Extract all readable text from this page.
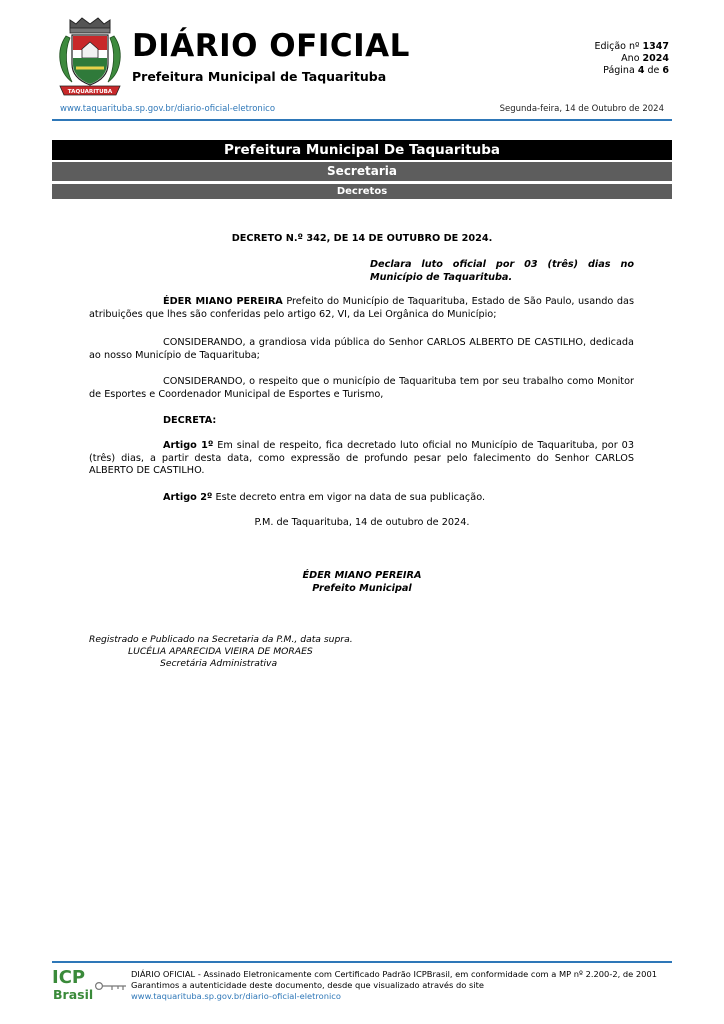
TAQUARITUBA
DIÁRIO OFICIAL
Prefeitura Municipal de Taquarituba
Edição nº 1347
Ano 2024
Página 4 de 6
www.taquarituba.sp.gov.br/diario-oficial-eletronico	Segunda-feira, 14 de Outubro de 2024
Prefeitura Municipal De Taquarituba
Secretaria
Decretos
DECRETO N.º 342, DE 14 DE OUTUBRO DE 2024.
Declara luto oficial por 03 (três) dias no Município de Taquarituba.
ÉDER MIANO PEREIRA Prefeito do Município de Taquarituba, Estado de São Paulo, usando das atribuições que lhes são conferidas pelo artigo 62, VI, da Lei Orgânica do Município;
CONSIDERANDO, a grandiosa vida pública do Senhor CARLOS ALBERTO DE CASTILHO, dedicada ao nosso Município de Taquarituba;
CONSIDERANDO, o respeito que o município de Taquarituba tem por seu trabalho como Monitor de Esportes e Coordenador Municipal de Esportes e Turismo,
DECRETA:
Artigo 1º Em sinal de respeito, fica decretado luto oficial no Município de Taquarituba, por 03 (três) dias, a partir desta data, como expressão de profundo pesar pelo falecimento do Senhor CARLOS ALBERTO DE CASTILHO.
Artigo 2º Este decreto entra em vigor na data de sua publicação.
P.M. de Taquarituba, 14 de outubro de 2024.
ÉDER MIANO PEREIRA
Prefeito Municipal
Registrado e Publicado na Secretaria da P.M., data supra.
LUCÉLIA APARECIDA VIEIRA DE MORAES
Secretária Administrativa
ICP
Brasil
DIÁRIO OFICIAL - Assinado Eletronicamente com Certificado Padrão ICPBrasil, em conformidade com a MP nº 2.200-2, de 2001
Garantimos a autenticidade deste documento, desde que visualizado através do site
www.taquarituba.sp.gov.br/diario-oficial-eletronico
